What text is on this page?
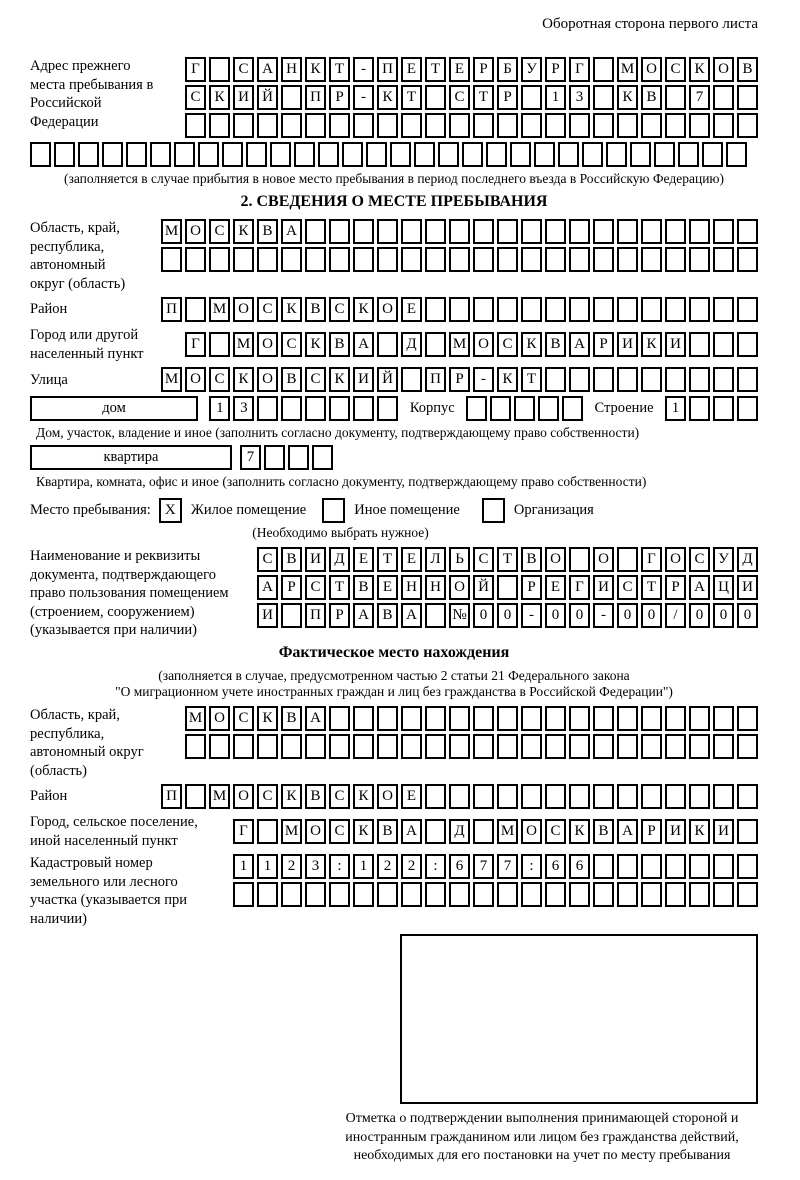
Оборотная сторона первого листа
Адрес прежнего места пребывания в Российской Федерации
Г	С А Н К Т	-	П Е Т Е	Р	Б У Р	Г	М О С К О В
С К И Й	П Р	-	К Т	С Т	Р	1	3	К В	7
(заполняется в случае прибытия в новое место пребывания в период последнего въезда в Российскую Федерацию)
2. СВЕДЕНИЯ О МЕСТЕ ПРЕБЫВАНИЯ
Область, край, республика, автономный округ (область)
М О С К В А
Район	П	М О С К В С К О Е
Город или другой населенный пункт
Г	М О С К В А	Д	М О С К В А Р И К И
Улица	М О С К О В С К И Й	П Р	-	К Т
дом	1	3	Корпус	Строение	1
Дом, участок, владение и иное (заполнить согласно документу, подтверждающему право собственности)
квартира	7
Квартира, комната, офис и иное (заполнить согласно документу, подтверждающему право собственности)
Место пребывания: X	Жилое помещение	Иное помещение	Организация
(Необходимо выбрать нужное)
Наименование и реквизиты документа, подтверждающего право пользования помещением (строением, сооружением) (указывается при наличии)
С В И Д Е Т Е Л Ь С Т В О	О	Г О С У Д
А Р С Т В Е Н Н О Й	Р	Е	Г И С Т	Р А Ц И
И	П Р А В А	№ 0	0	-	0	0	-	0	0	/	0	0	0
Фактическое место нахождения
(заполняется в случае, предусмотренном частью 2 статьи 21 Федерального закона
"О миграционном учете иностранных граждан и лиц без гражданства в Российской Федерации")
Область, край, республика, автономный округ (область)
М О С К В А
Район	П	М О С К В С К О Е
Город, сельское поселение, иной населенный пункт
Г	М О С К В А	Д	М О С К В А Р И К И
Кадастровый номер земельного или лесного участка (указывается при наличии)
1	1	2	3	:	1	2	2	:	6	7	7	:	6	6
Отметка о подтверждении выполнения принимающей стороной и иностранным гражданином или лицом без гражданства действий, необходимых для его постановки на учет по месту пребывания
